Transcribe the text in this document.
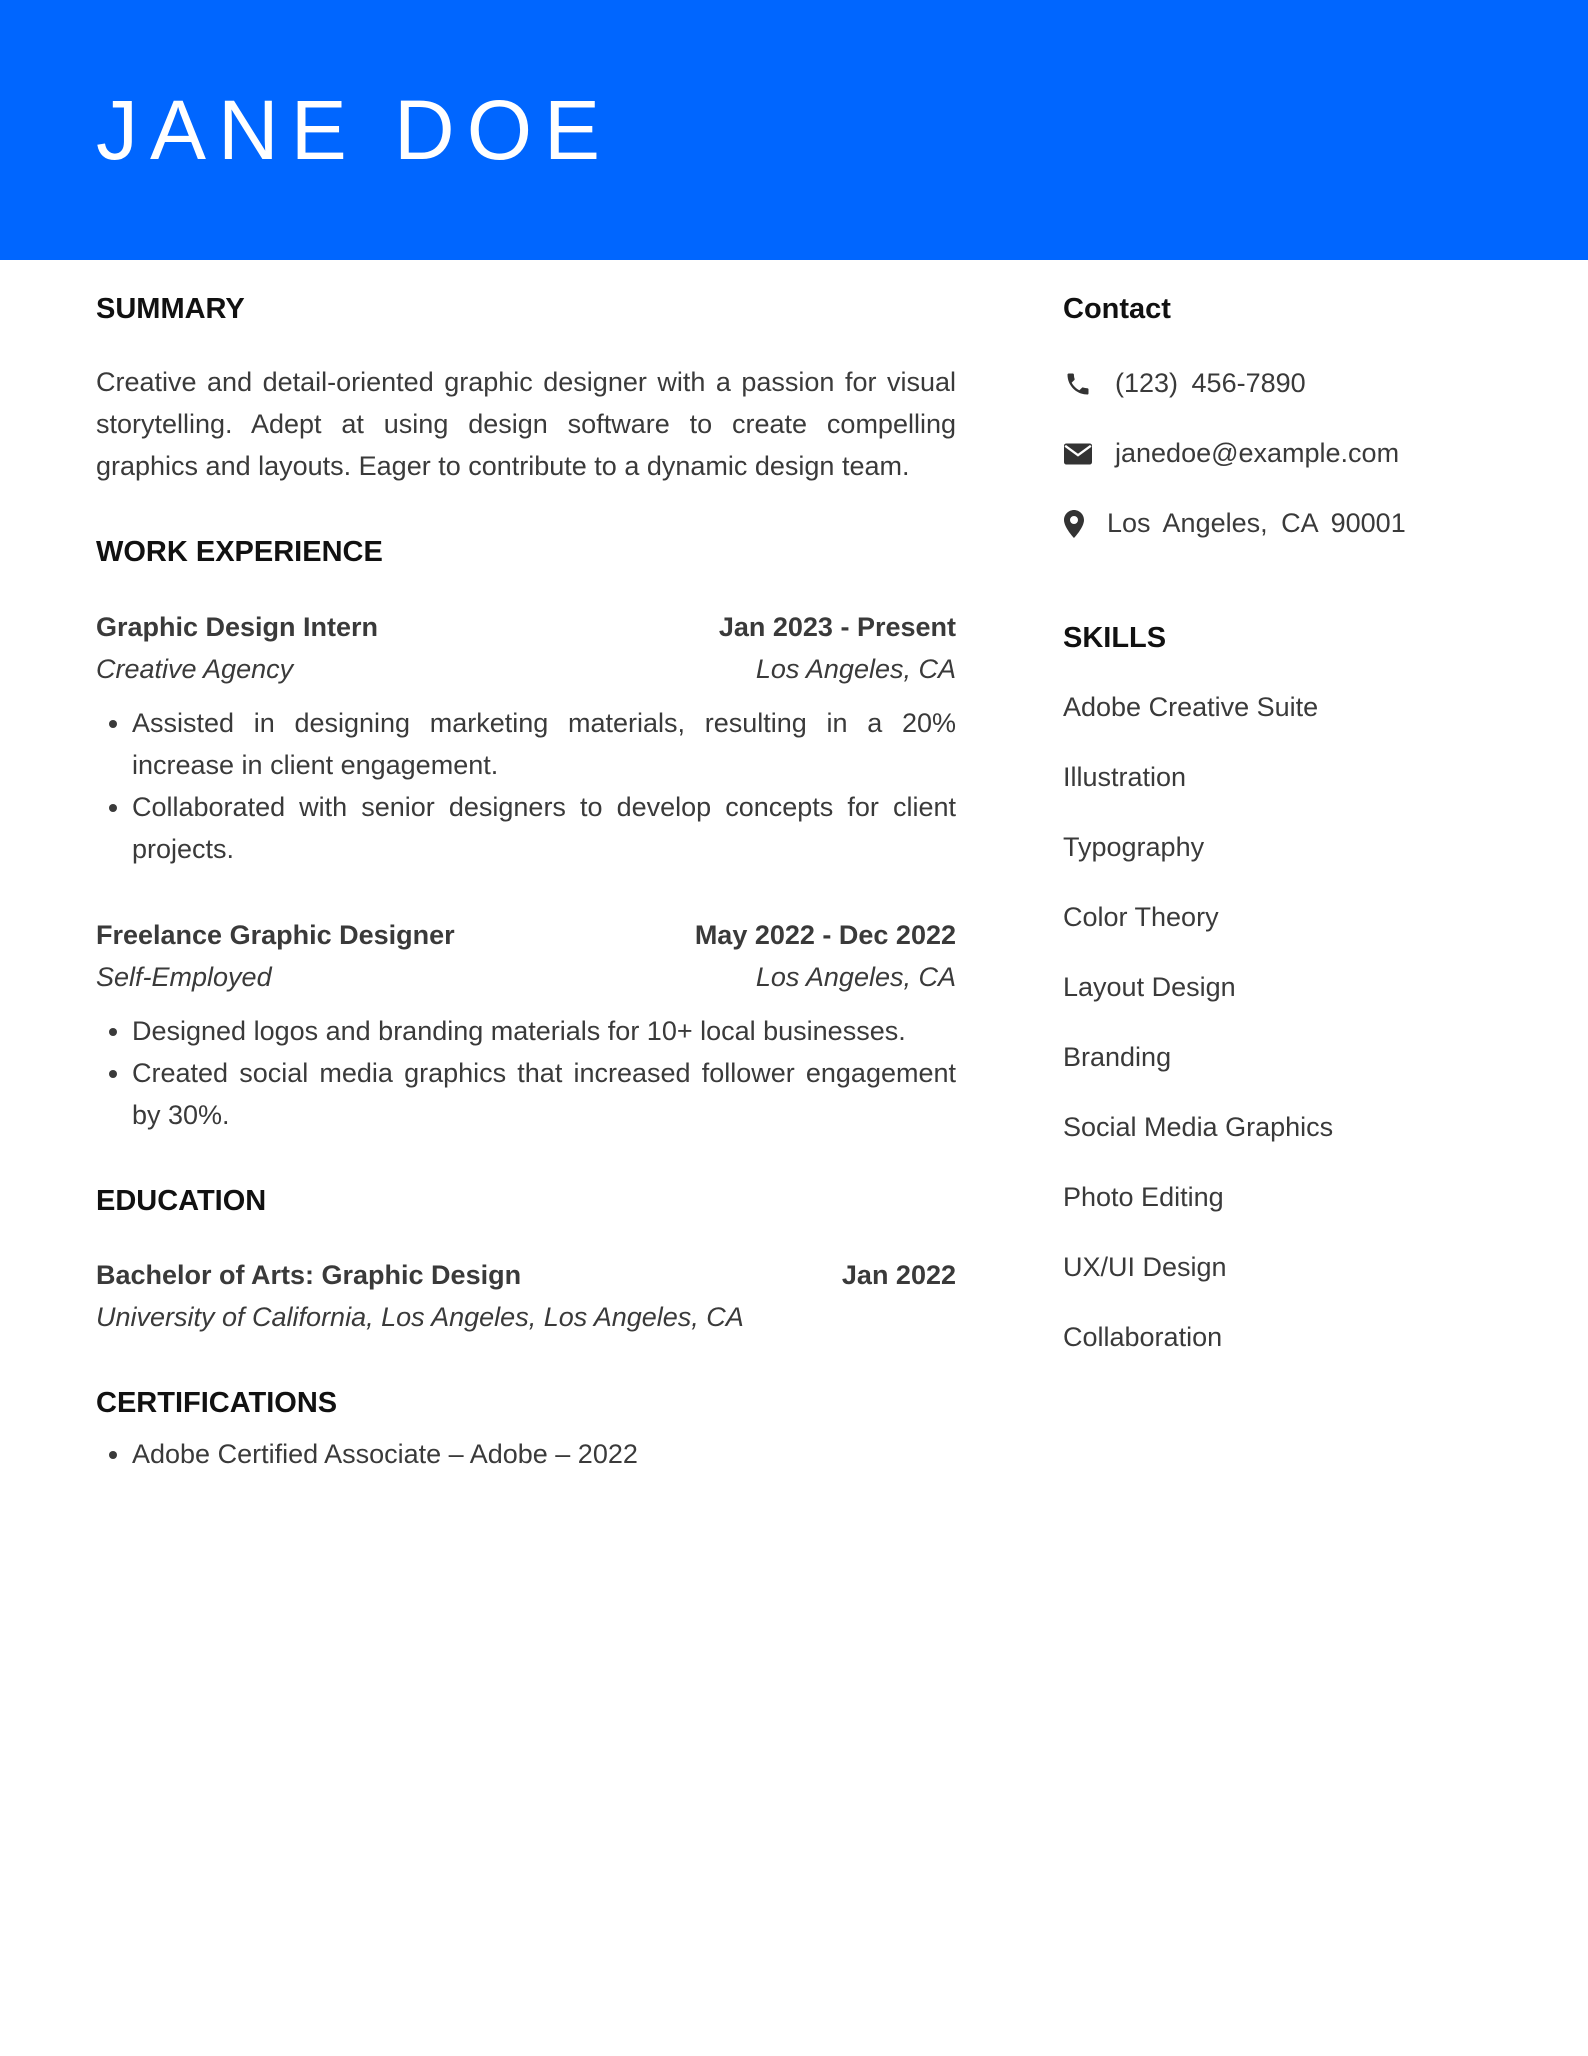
JANE DOE
SUMMARY

Creative and detail-oriented graphic designer with a passion for visual storytelling. Adept at using design software to create compelling graphics and layouts. Eager to contribute to a dynamic design team.

WORK EXPERIENCE
Graphic Design Intern	Jan 2023 - Present
Creative Agency	Los Angeles, CA
• Assisted in designing marketing materials, resulting in a 20% increase in client engagement.
• Collaborated with senior designers to develop concepts for client projects.
Freelance Graphic Designer	May 2022 - Dec 2022
Self-Employed	Los Angeles, CA
• Designed logos and branding materials for 10+ local businesses.
• Created social media graphics that increased follower engagement by 30%.
EDUCATION
Bachelor of Arts: Graphic Design	Jan 2022
University of California, Los Angeles, Los Angeles, CA
CERTIFICATIONS
• Adobe Certified Associate – Adobe – 2022
Contact
(123) 456-7890
janedoe@example.com
Los Angeles, CA 90001
SKILLS
Adobe Creative Suite
Illustration
Typography
Color Theory
Layout Design
Branding
Social Media Graphics
Photo Editing
UX/UI Design
Collaboration
